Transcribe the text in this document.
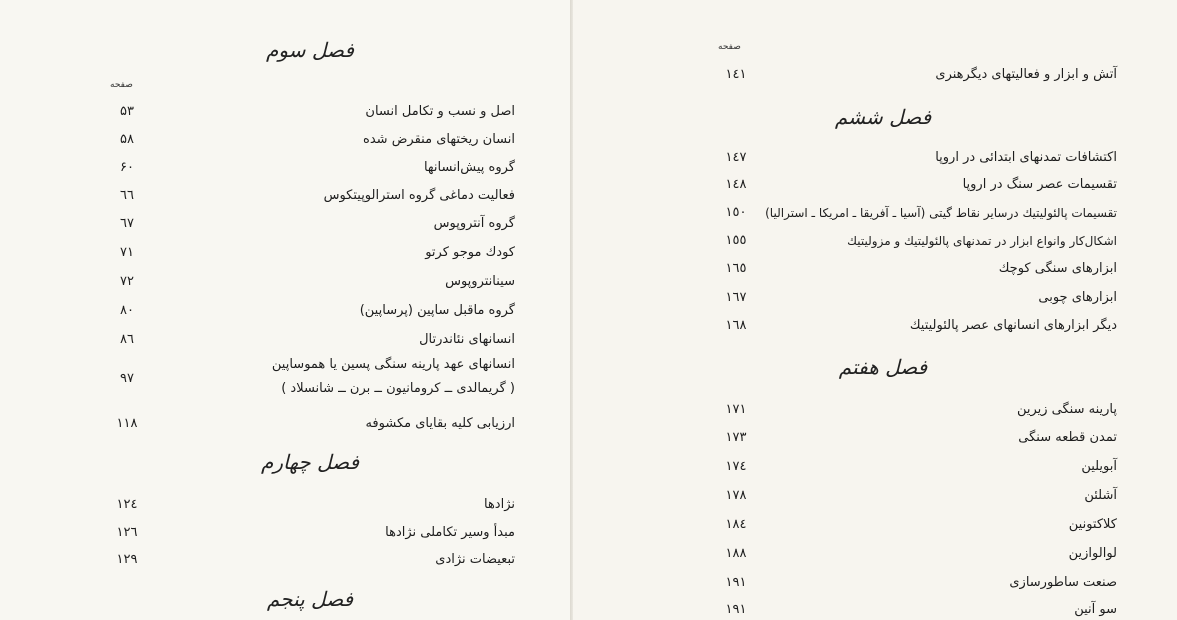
فصل سوم
صفحه
اصل و نسب و تکامل انسان
۵۳
انسان ریختهای منقرض شده
۵۸
گروه پیش‌انسانها
۶۰
فعالیت دماغی گروه استرالوپیتکوس
٦٦
گروه آنتروپوس
٦٧
کودك موجو کرتو
٧١
سینانتروپوس
٧٢
گروه ماقبل ساپین (پرساپین)
٨٠
انسانهای نئاندرتال
٨٦
انسانهای عهد پارینه سنگی پسین یا هموساپین
( گریمالدی ــ کرومانیون ــ برن ــ شانسلاد )
٩٧
ارزیابی کلیه بقایای مکشوفه
١١٨
فصل چهارم
نژادها
١٢٤
مبدأ وسیر تکاملی نژادها
١٢٦
تبعیضات نژادی
١٢٩
فصل پنجم
صفحه
آتش و ابزار و فعالیتهای دیگرهنری
١٤١
فصل ششم
اکتشافات تمدنهای ابتدائی در اروپا
١٤٧
تقسیمات عصر سنگ در اروپا
١٤٨
تقسیمات پالئولیتیك درسایر نقاط گیتی (آسیا ـ آفریقا ـ امریکا ـ استرالیا)
١٥٠
اشکال‌کار وانواع ابزار در تمدنهای پالئولیتیك و مزولیتیك
١٥٥
ابزارهای سنگی کوچك
١٦٥
ابزارهای چوبی
١٦٧
دیگر ابزارهای انسانهای عصر پالئولیتیك
١٦٨
فصل هفتم
پارینه سنگی زیرین
١٧١
تمدن قطعه سنگی
١٧٣
آبویلین
١٧٤
آشلئن
١٧٨
کلاکتونین
١٨٤
لوالوازین
١٨٨
صنعت ساطورسازی
١٩١
سو آنین
١٩١
